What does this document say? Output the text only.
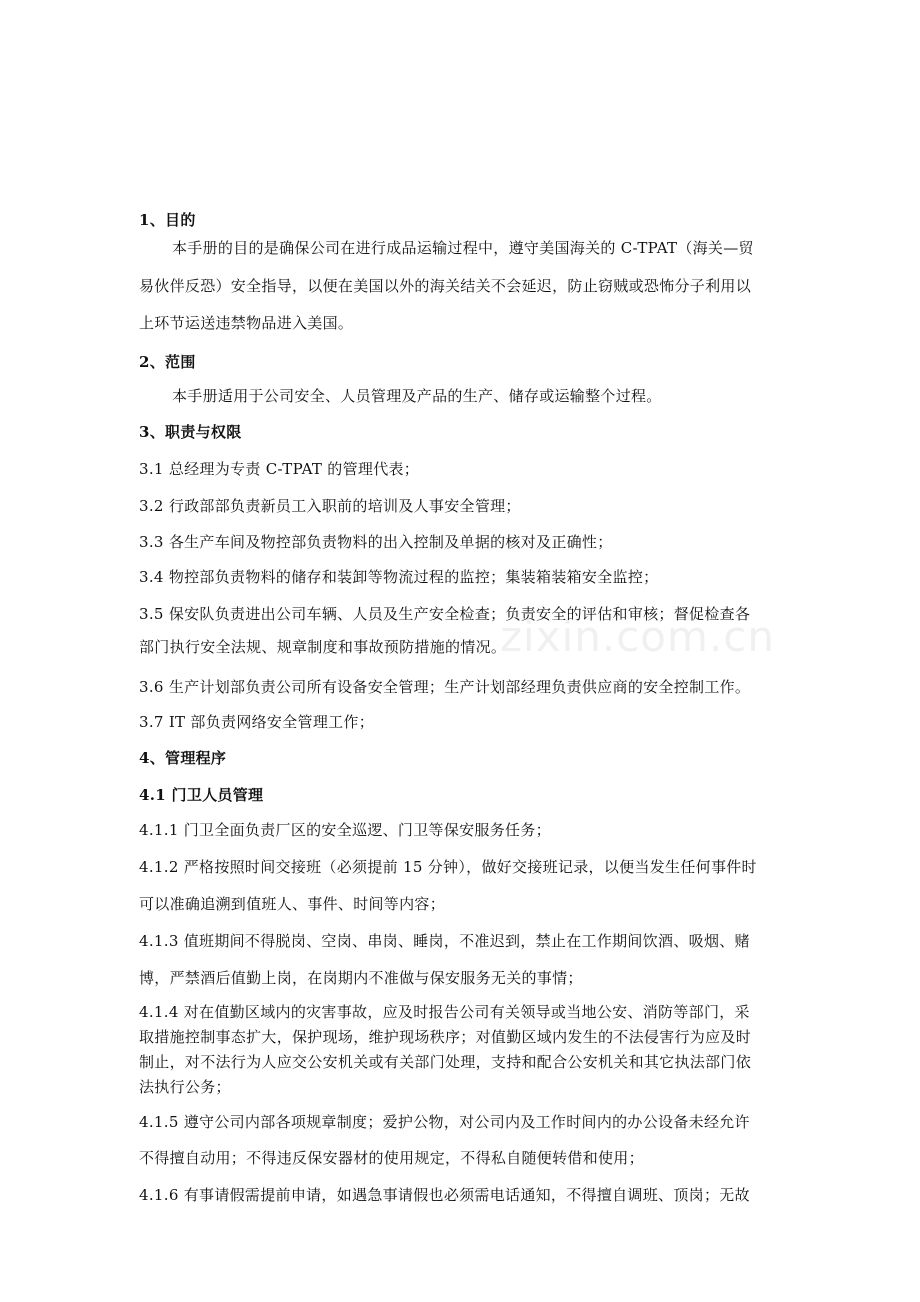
zixin.com.cn
1、目的
本手册的目的是确保公司在进行成品运输过程中，遵守美国海关的 C-TPAT（海关—贸
易伙伴反恐）安全指导，以便在美国以外的海关结关不会延迟，防止窃贼或恐怖分子利用以
上环节运送违禁物品进入美国。
2、范围
本手册适用于公司安全、人员管理及产品的生产、储存或运输整个过程。
3、职责与权限
3.1 总经理为专责 C-TPAT 的管理代表；
3.2 行政部部负责新员工入职前的培训及人事安全管理；
3.3 各生产车间及物控部负责物料的出入控制及单据的核对及正确性；
3.4 物控部负责物料的储存和装卸等物流过程的监控；集装箱装箱安全监控；
3.5 保安队负责进出公司车辆、人员及生产安全检查；负责安全的评估和审核；督促检查各
部门执行安全法规、规章制度和事故预防措施的情况。
3.6 生产计划部负责公司所有设备安全管理；生产计划部经理负责供应商的安全控制工作。
3.7 IT 部负责网络安全管理工作；
4、管理程序
4.1 门卫人员管理
4.1.1 门卫全面负责厂区的安全巡逻、门卫等保安服务任务；
4.1.2 严格按照时间交接班（必须提前 15 分钟），做好交接班记录，以便当发生任何事件时
可以准确追溯到值班人、事件、时间等内容；
4.1.3 值班期间不得脱岗、空岗、串岗、睡岗，不准迟到，禁止在工作期间饮酒、吸烟、赌
博，严禁酒后值勤上岗，在岗期内不准做与保安服务无关的事情；
4.1.4 对在值勤区域内的灾害事故，应及时报告公司有关领导或当地公安、消防等部门，采
取措施控制事态扩大，保护现场，维护现场秩序；对值勤区域内发生的不法侵害行为应及时
制止，对不法行为人应交公安机关或有关部门处理，支持和配合公安机关和其它执法部门依
法执行公务；
4.1.5 遵守公司内部各项规章制度；爱护公物，对公司内及工作时间内的办公设备未经允许
不得擅自动用；不得违反保安器材的使用规定，不得私自随便转借和使用；
4.1.6 有事请假需提前申请，如遇急事请假也必须需电话通知，不得擅自调班、顶岗；无故
